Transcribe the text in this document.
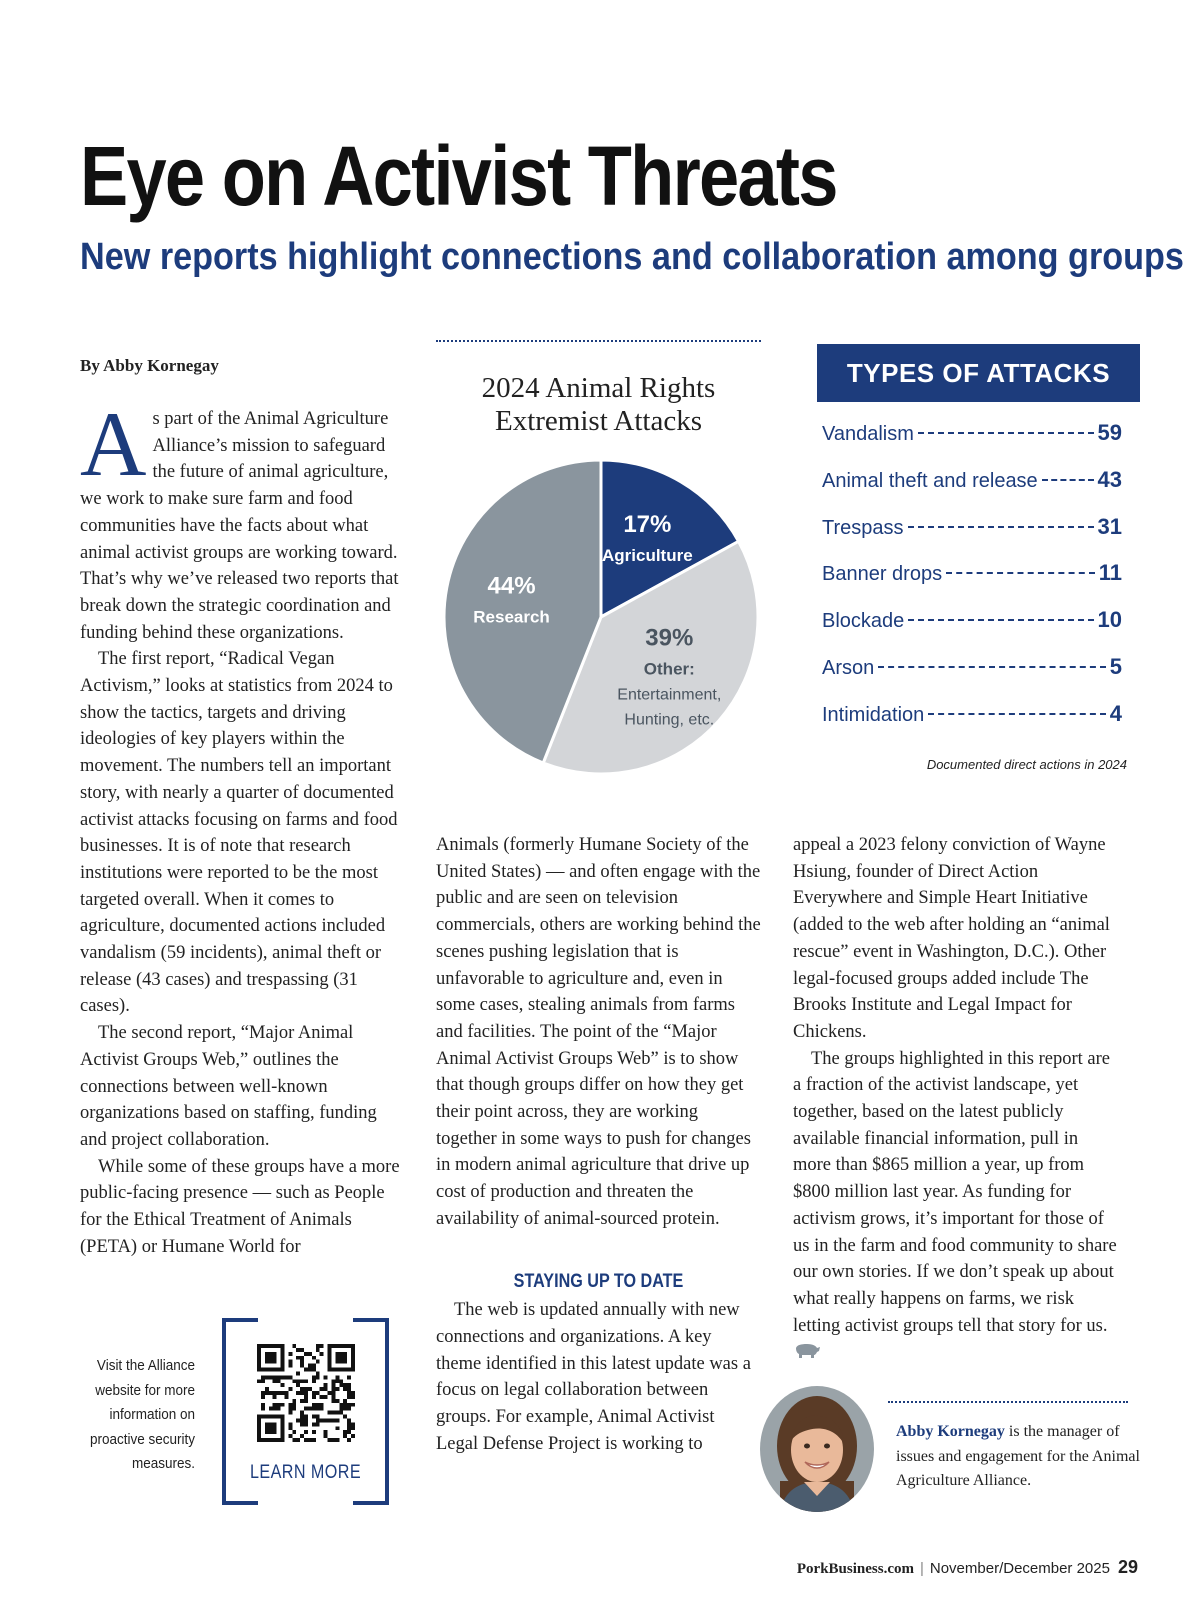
Eye on Activist Threats
New reports highlight connections and collaboration among groups
By Abby Kornegay

As part of the Animal Agriculture Alliance’s mission to safeguard the future of animal agriculture, we work to make sure farm and food communities have the facts about what animal activist groups are working toward. That’s why we’ve released two reports that break down the strategic coordination and funding behind these organizations.

The first report, “Radical Vegan Activism,” looks at statistics from 2024 to show the tactics, targets and driving ideologies of key players within the movement. The numbers tell an important story, with nearly a quarter of documented activist attacks focusing on farms and food businesses. It is of note that research institutions were reported to be the most targeted overall. When it comes to agriculture, documented actions included vandalism (59 incidents), animal theft or release (43 cases) and trespassing (31 cases).

The second report, “Major Animal Activist Groups Web,” outlines the connections between well-known organizations based on staffing, funding and project collaboration.

While some of these groups have a more public-facing presence — such as People for the Ethical Treatment of Animals (PETA) or Humane World for

2024 Animal Rights Extremist Attacks
17%
Agriculture
39%
Other:
Entertainment,
Hunting, etc.
44%
Research
TYPES OF ATTACKS
Vandalism	59
Animal theft and release	43
Trespass	31
Banner drops	11
Blockade	10
Arson	5
Intimidation	4
Documented direct actions in 2024

Animals (formerly Humane Society of the United States) — and often engage with the public and are seen on television commercials, others are working behind the scenes pushing legislation that is unfavorable to agriculture and, even in some cases, stealing animals from farms and facilities. The point of the “Major Animal Activist Groups Web” is to show that though groups differ on how they get their point across, they are working together in some ways to push for changes in modern animal agriculture that drive up cost of production and threaten the availability of animal-sourced protein.

STAYING UP TO DATE

The web is updated annually with new connections and organizations. A key theme identified in this latest update was a focus on legal collaboration between groups. For example, Animal Activist Legal Defense Project is working to

appeal a 2023 felony conviction of Wayne Hsiung, founder of Direct Action Everywhere and Simple Heart Initiative (added to the web after holding an “animal rescue” event in Washington, D.C.). Other legal-focused groups added include The Brooks Institute and Legal Impact for Chickens.

The groups highlighted in this report are a fraction of the activist landscape, yet together, based on the latest publicly available financial information, pull in more than $865 million a year, up from $800 million last year. As funding for activism grows, it’s important for those of us in the farm and food community to share our own stories. If we don’t speak up about what really happens on farms, we risk letting activist groups tell that story for us.

Visit the Alliance website for more information on proactive security measures.	LEARN MORE
Abby Kornegay is the manager of issues and engagement for the Animal Agriculture Alliance.
PorkBusiness.com | November/December 2025 29
